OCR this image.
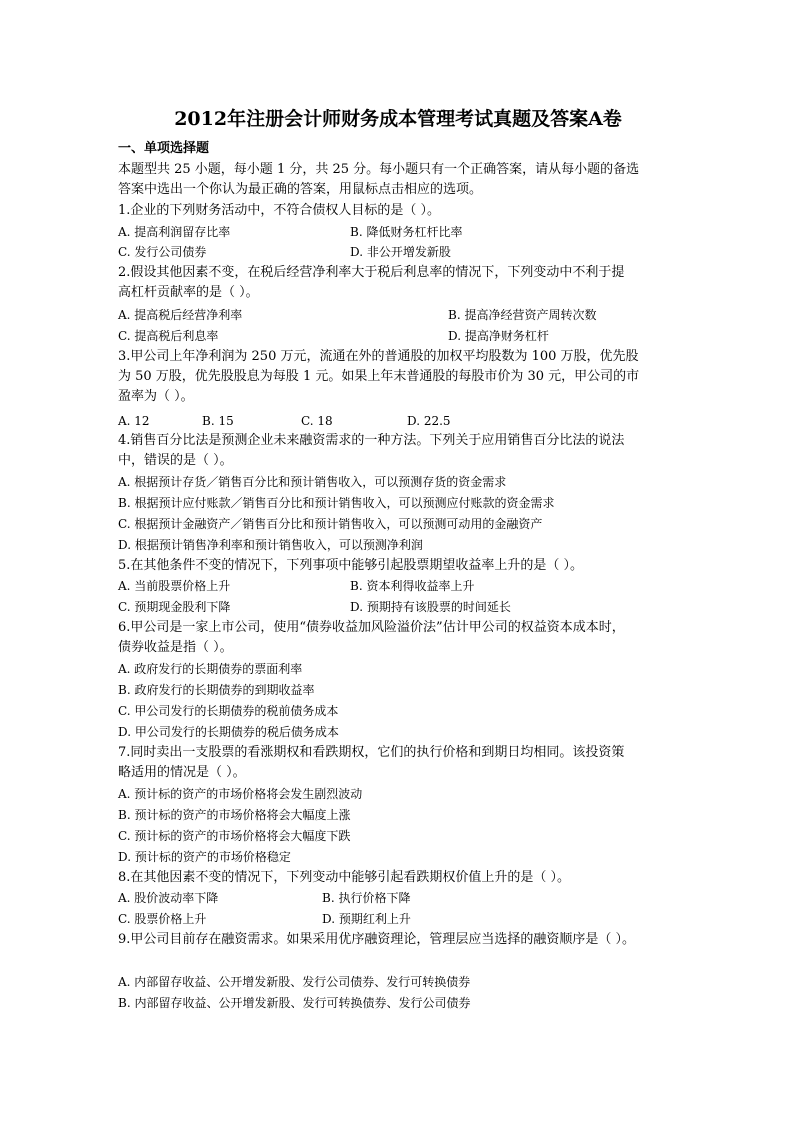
2012年注册会计师财务成本管理考试真题及答案A卷
一、单项选择题
本题型共 25 小题，每小题 1 分，共 25 分。每小题只有一个正确答案，请从每小题的备选
答案中选出一个你认为最正确的答案，用鼠标点击相应的选项。
1.企业的下列财务活动中，不符合债权人目标的是（ ）。
A. 提高利润留存比率	B. 降低财务杠杆比率
C. 发行公司债券	D. 非公开增发新股
2.假设其他因素不变，在税后经营净利率大于税后利息率的情况下，下列变动中不利于提
高杠杆贡献率的是（ ）。
A. 提高税后经营净利率	B. 提高净经营资产周转次数
C. 提高税后利息率	D. 提高净财务杠杆
3.甲公司上年净利润为 250 万元，流通在外的普通股的加权平均股数为 100 万股，优先股
为 50 万股，优先股股息为每股 1 元。如果上年末普通股的每股市价为 30 元，甲公司的市
盈率为（ ）。
A. 12	B. 15	C. 18	D. 22.5
4.销售百分比法是预测企业未来融资需求的一种方法。下列关于应用销售百分比法的说法
中，错误的是（ ）。
A. 根据预计存货／销售百分比和预计销售收入，可以预测存货的资金需求
B. 根据预计应付账款／销售百分比和预计销售收入，可以预测应付账款的资金需求
C. 根据预计金融资产／销售百分比和预计销售收入，可以预测可动用的金融资产
D. 根据预计销售净利率和预计销售收入，可以预测净利润
5.在其他条件不变的情况下，下列事项中能够引起股票期望收益率上升的是（ ）。
A. 当前股票价格上升	B. 资本利得收益率上升
C. 预期现金股利下降	D. 预期持有该股票的时间延长
6.甲公司是一家上市公司，使用“债券收益加风险溢价法”估计甲公司的权益资本成本时，
债券收益是指（ ）。
A. 政府发行的长期债券的票面利率
B. 政府发行的长期债券的到期收益率
C. 甲公司发行的长期债券的税前债务成本
D. 甲公司发行的长期债券的税后债务成本
7.同时卖出一支股票的看涨期权和看跌期权，它们的执行价格和到期日均相同。该投资策
略适用的情况是（ ）。
A. 预计标的资产的市场价格将会发生剧烈波动
B. 预计标的资产的市场价格将会大幅度上涨
C. 预计标的资产的市场价格将会大幅度下跌
D. 预计标的资产的市场价格稳定
8.在其他因素不变的情况下，下列变动中能够引起看跌期权价值上升的是（ ）。
A. 股价波动率下降	B. 执行价格下降
C. 股票价格上升	D. 预期红利上升
9.甲公司目前存在融资需求。如果采用优序融资理论，管理层应当选择的融资顺序是（ ）。
A. 内部留存收益、公开增发新股、发行公司债券、发行可转换债券
B. 内部留存收益、公开增发新股、发行可转换债券、发行公司债券
